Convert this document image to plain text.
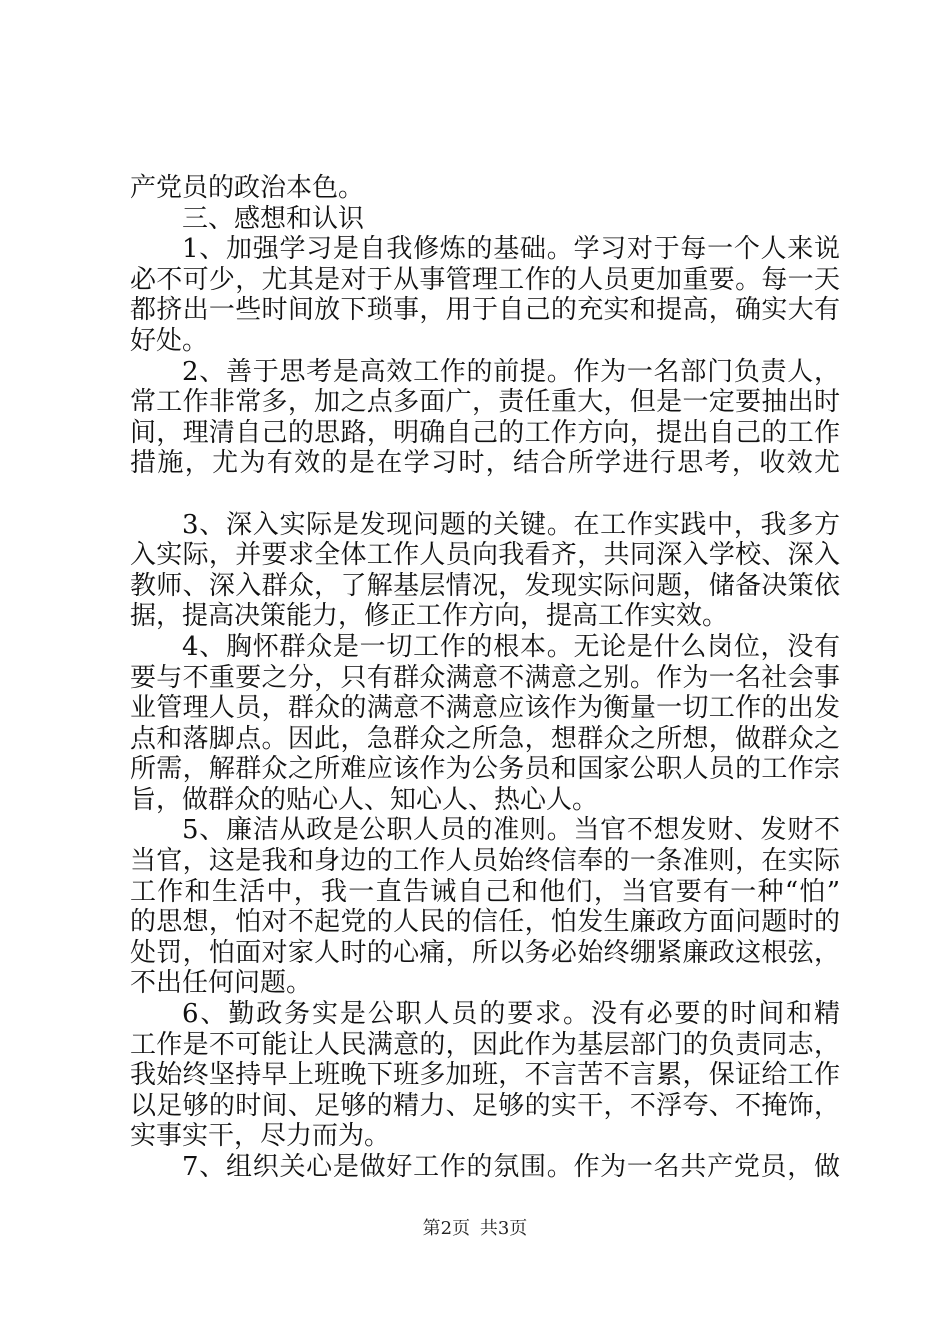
产党员的政治本色。
三、感想和认识
1、加强学习是自我修炼的基础。学习对于每一个人来说
必不可少，尤其是对于从事管理工作的人员更加重要。每一天
都挤出一些时间放下琐事，用于自己的充实和提高，确实大有
好处。
2、善于思考是高效工作的前提。作为一名部门负责人，
常工作非常多，加之点多面广，责任重大，但是一定要抽出时
间，理清自己的思路，明确自己的工作方向，提出自己的工作
措施，尤为有效的是在学习时，结合所学进行思考，收效尤
3、深入实际是发现问题的关键。在工作实践中，我多方
入实际，并要求全体工作人员向我看齐，共同深入学校、深入
教师、深入群众，了解基层情况，发现实际问题，储备决策依
据，提高决策能力，修正工作方向，提高工作实效。
4、胸怀群众是一切工作的根本。无论是什么岗位，没有
要与不重要之分，只有群众满意不满意之别。作为一名社会事
业管理人员，群众的满意不满意应该作为衡量一切工作的出发
点和落脚点。因此，急群众之所急，想群众之所想，做群众之
所需，解群众之所难应该作为公务员和国家公职人员的工作宗
旨，做群众的贴心人、知心人、热心人。
5、廉洁从政是公职人员的准则。当官不想发财、发财不
当官，这是我和身边的工作人员始终信奉的一条准则，在实际
工作和生活中，我一直告诫自己和他们，当官要有一种“怕”
的思想，怕对不起党的人民的信任，怕发生廉政方面问题时的
处罚，怕面对家人时的心痛，所以务必始终绷紧廉政这根弦，
不出任何问题。
6、勤政务实是公职人员的要求。没有必要的时间和精
工作是不可能让人民满意的，因此作为基层部门的负责同志，
我始终坚持早上班晚下班多加班，不言苦不言累，保证给工作
以足够的时间、足够的精力、足够的实干，不浮夸、不掩饰，
实事实干，尽力而为。
7、组织关心是做好工作的氛围。作为一名共产党员，做
第2页 共3页
